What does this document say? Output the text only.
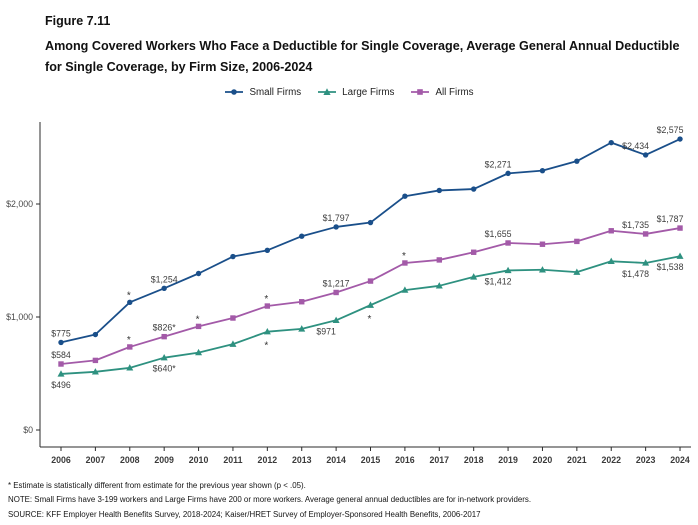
Figure 7.11
Among Covered Workers Who Face a Deductible for Single Coverage, Average General Annual Deductible for Single Coverage, by Firm Size, 2006-2024
Small Firms	Large Firms	All Firms
$0
$1,000
$2,000
2006 2007 2008 2009 2010 2011 2012 2013 2014 2015 2016 2017 2018 2019 2020 2021 2022 2023 2024
$775
$1,254
$1,797
$2,271
$2,434
$2,575
$584
$826*
$1,217
$1,655
$1,735
$1,787
$496
$640*
$971
$1,412
$1,478
$1,538
*
*
*
*
*
*
*
* Estimate is statistically different from estimate for the previous year shown (p < .05).
NOTE: Small Firms have 3-199 workers and Large Firms have 200 or more workers. Average general annual deductibles are for in-network providers.
SOURCE: KFF Employer Health Benefits Survey, 2018-2024; Kaiser/HRET Survey of Employer-Sponsored Health Benefits, 2006-2017
